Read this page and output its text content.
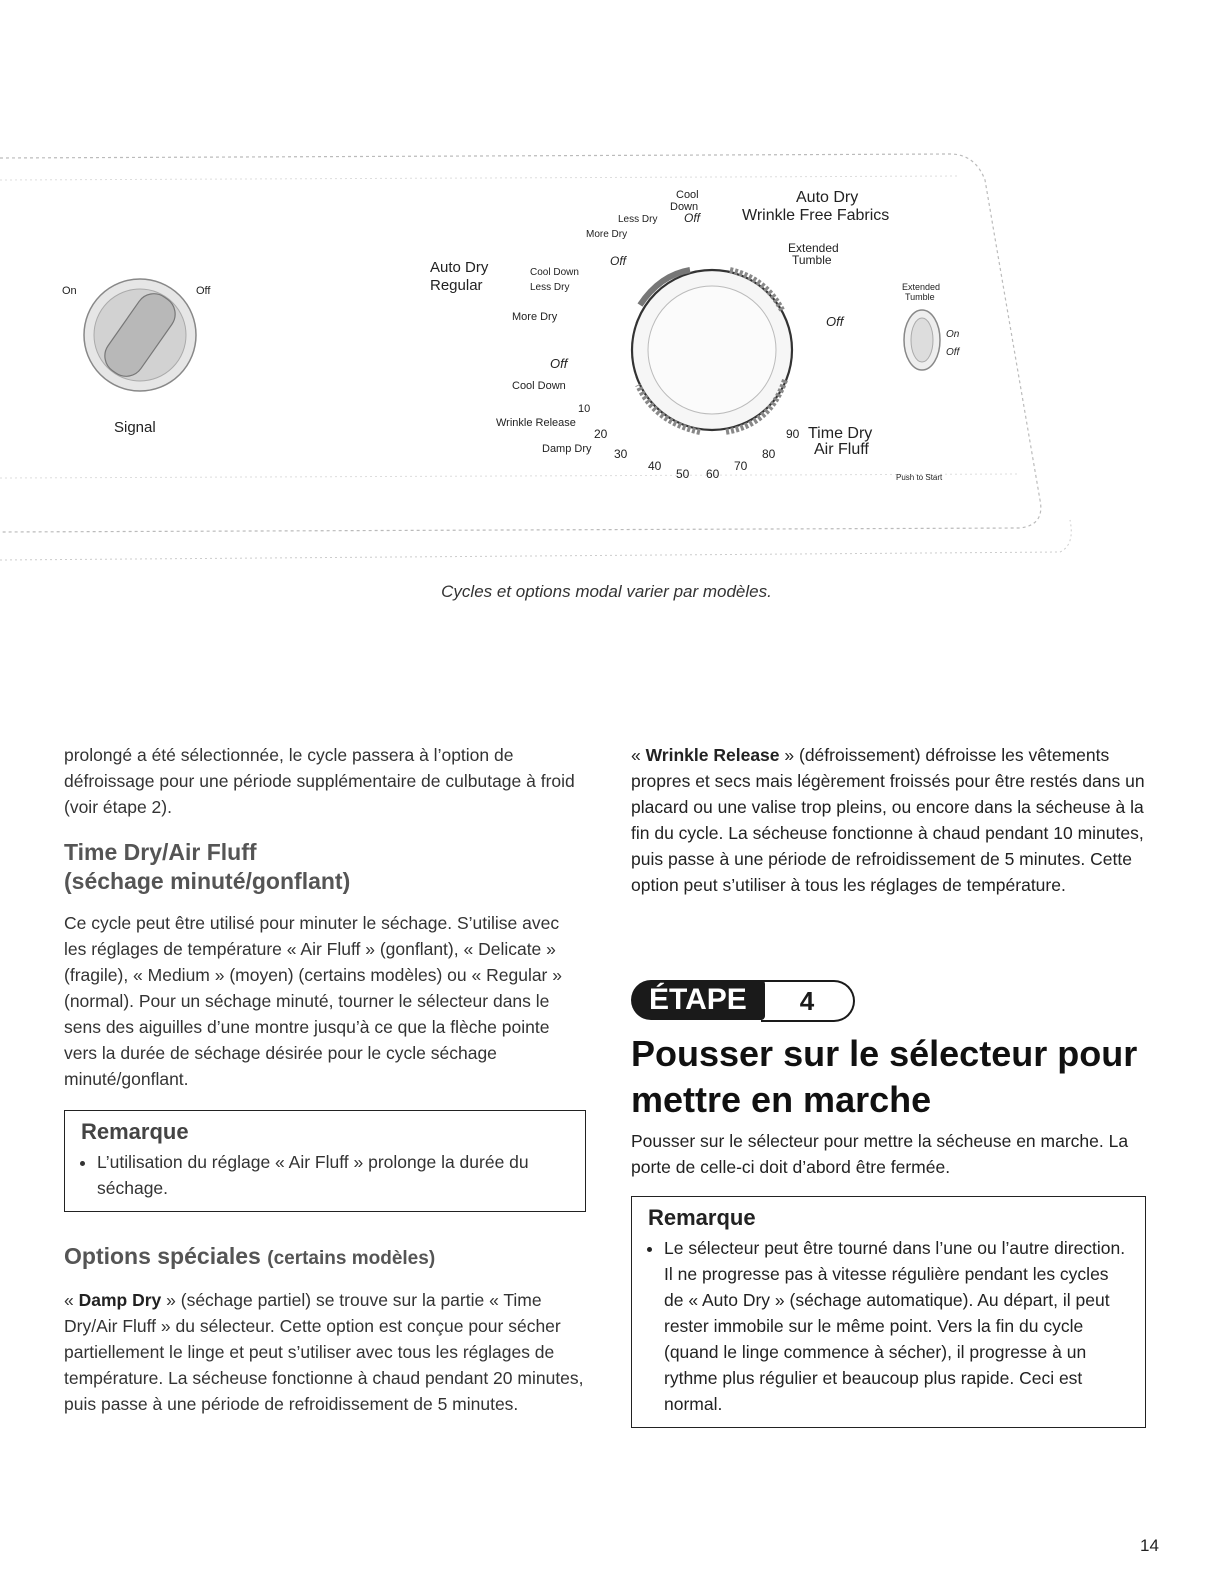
On	Off
Signal
Cool Down
Less Dry Off
More Dry
Auto Dry Wrinkle Free Fabrics
Extended Tumble
Off
Auto Dry Regular
Off
Cool Down
Less Dry
More Dry
Off
Cool Down
10
Wrinkle Release
20
Damp Dry 30
40
50 60
70
80
90 Time Dry Air Fluff
Extended Tumble
On
Off
Push to Start
Cycles et options modal varier par modèles.

prolongé a été sélectionnée, le cycle passera à l’option de défroissage pour une période supplémentaire de culbutage à froid (voir étape 2).

Time Dry/Air Fluff
(séchage minuté/gonflant)

Ce cycle peut être utilisé pour minuter le séchage. S’utilise avec les réglages de température « Air Fluff » (gonflant), « Delicate » (fragile), « Medium » (moyen) (certains modèles) ou « Regular » (normal). Pour un séchage minuté, tourner le sélecteur dans le sens des aiguilles d’une montre jusqu’à ce que la flèche pointe vers la durée de séchage désirée pour le cycle séchage minuté/gonflant.

Remarque
• L’utilisation du réglage « Air Fluff » prolonge la durée du séchage.
Options spéciales (certains modèles)

« Damp Dry » (séchage partiel) se trouve sur la partie « Time Dry/Air Fluff » du sélecteur. Cette option est conçue pour sécher partiellement le linge et peut s’utiliser avec tous les réglages de température. La sécheuse fonctionne à chaud pendant 20 minutes, puis passe à une période de refroidissement de 5 minutes.

« Wrinkle Release » (défroissement) défroisse les vêtements propres et secs mais légèrement froissés pour être restés dans un placard ou une valise trop pleins, ou encore dans la sécheuse à la fin du cycle. La sécheuse fonctionne à chaud pendant 10 minutes, puis passe à une période de refroidissement de 5 minutes. Cette option peut s’utiliser à tous les réglages de température.

ÉTAPE	4
Pousser sur le sélecteur pour mettre en marche

Pousser sur le sélecteur pour mettre la sécheuse en marche. La porte de celle-ci doit d’abord être fermée.

Remarque
• Le sélecteur peut être tourné dans l’une ou l’autre direction. Il ne progresse pas à vitesse régulière pendant les cycles de « Auto Dry » (séchage automatique). Au départ, il peut rester immobile sur le même point. Vers la fin du cycle (quand le linge commence à sécher), il progresse à un rythme plus régulier et beaucoup plus rapide. Ceci est normal.
14
